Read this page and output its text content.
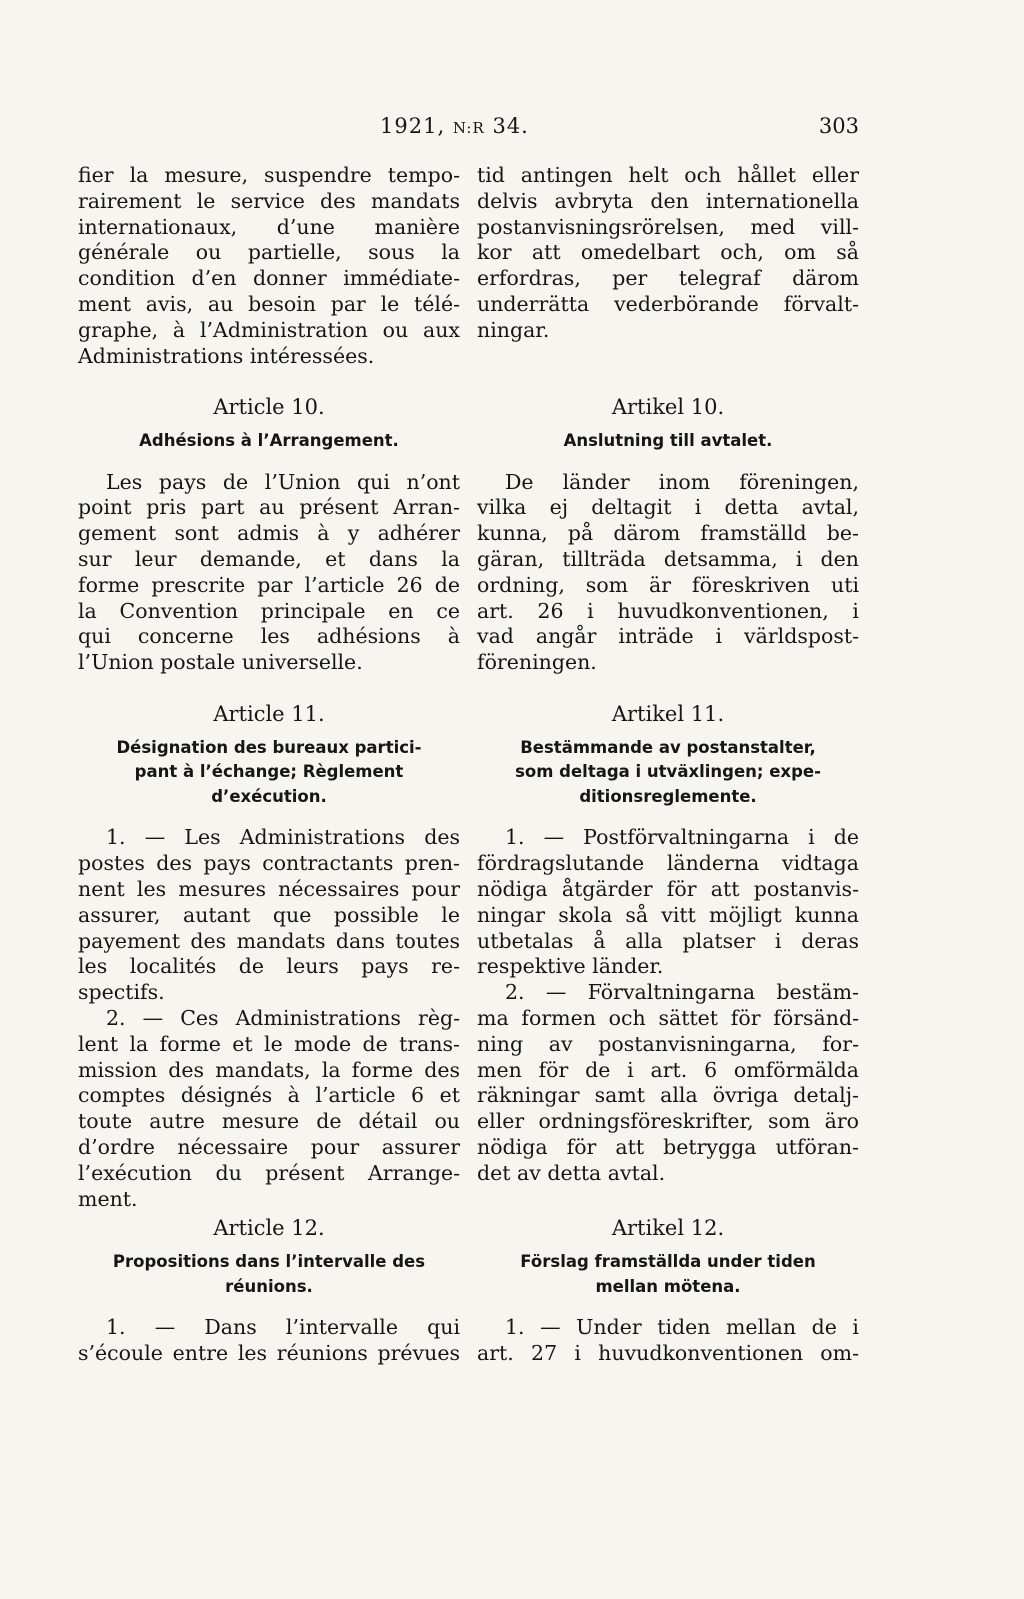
1921, N:R 34.	303
fier la mesure, suspendre tempo-
rairement le service des mandats
internationaux, d’une manière
générale ou partielle, sous la
condition d’en donner immédiate-
ment avis, au besoin par le télé-
graphe, à l’Administration ou aux
Administrations intéressées.
Article 10.
Adhésions à l’Arrangement.
Les pays de l’Union qui n’ont
point pris part au présent Arran-
gement sont admis à y adhérer
sur leur demande, et dans la
forme prescrite par l’article 26 de
la Convention principale en ce
qui concerne les adhésions à
l’Union postale universelle.
Article 11.
Désignation des bureaux partici-
pant à l’échange; Règlement
d’exécution.
1. — Les Administrations des
postes des pays contractants pren-
nent les mesures nécessaires pour
assurer, autant que possible le
payement des mandats dans toutes
les localités de leurs pays re-
spectifs.
2. — Ces Administrations règ-
lent la forme et le mode de trans-
mission des mandats, la forme des
comptes désignés à l’article 6 et
toute autre mesure de détail ou
d’ordre nécessaire pour assurer
l’exécution du présent Arrange-
ment.
Article 12.
Propositions dans l’intervalle des
réunions.
1. — Dans l’intervalle qui
s’écoule entre les réunions prévues
tid antingen helt och hållet eller
delvis avbryta den internationella
postanvisningsrörelsen, med vill-
kor att omedelbart och, om så
erfordras, per telegraf därom
underrätta vederbörande förvalt-
ningar.

Artikel 10.
Anslutning till avtalet.
De länder inom föreningen,
vilka ej deltagit i detta avtal,
kunna, på därom framställd be-
gäran, tillträda detsamma, i den
ordning, som är föreskriven uti
art. 26 i huvudkonventionen, i
vad angår inträde i världspost-
föreningen.
Artikel 11.
Bestämmande av postanstalter,
som deltaga i utväxlingen; expe-
ditionsreglemente.
1. — Postförvaltningarna i de
fördragslutande länderna vidtaga
nödiga åtgärder för att postanvis-
ningar skola så vitt möjligt kunna
utbetalas å alla platser i deras
respektive länder.
2. — Förvaltningarna bestäm-
ma formen och sättet för försänd-
ning av postanvisningarna, for-
men för de i art. 6 omförmälda
räkningar samt alla övriga detalj-
eller ordningsföreskrifter, som äro
nödiga för att betrygga utföran-
det av detta avtal.

Artikel 12.
Förslag framställda under tiden
mellan mötena.
1. — Under tiden mellan de i
art. 27 i huvudkonventionen om-
